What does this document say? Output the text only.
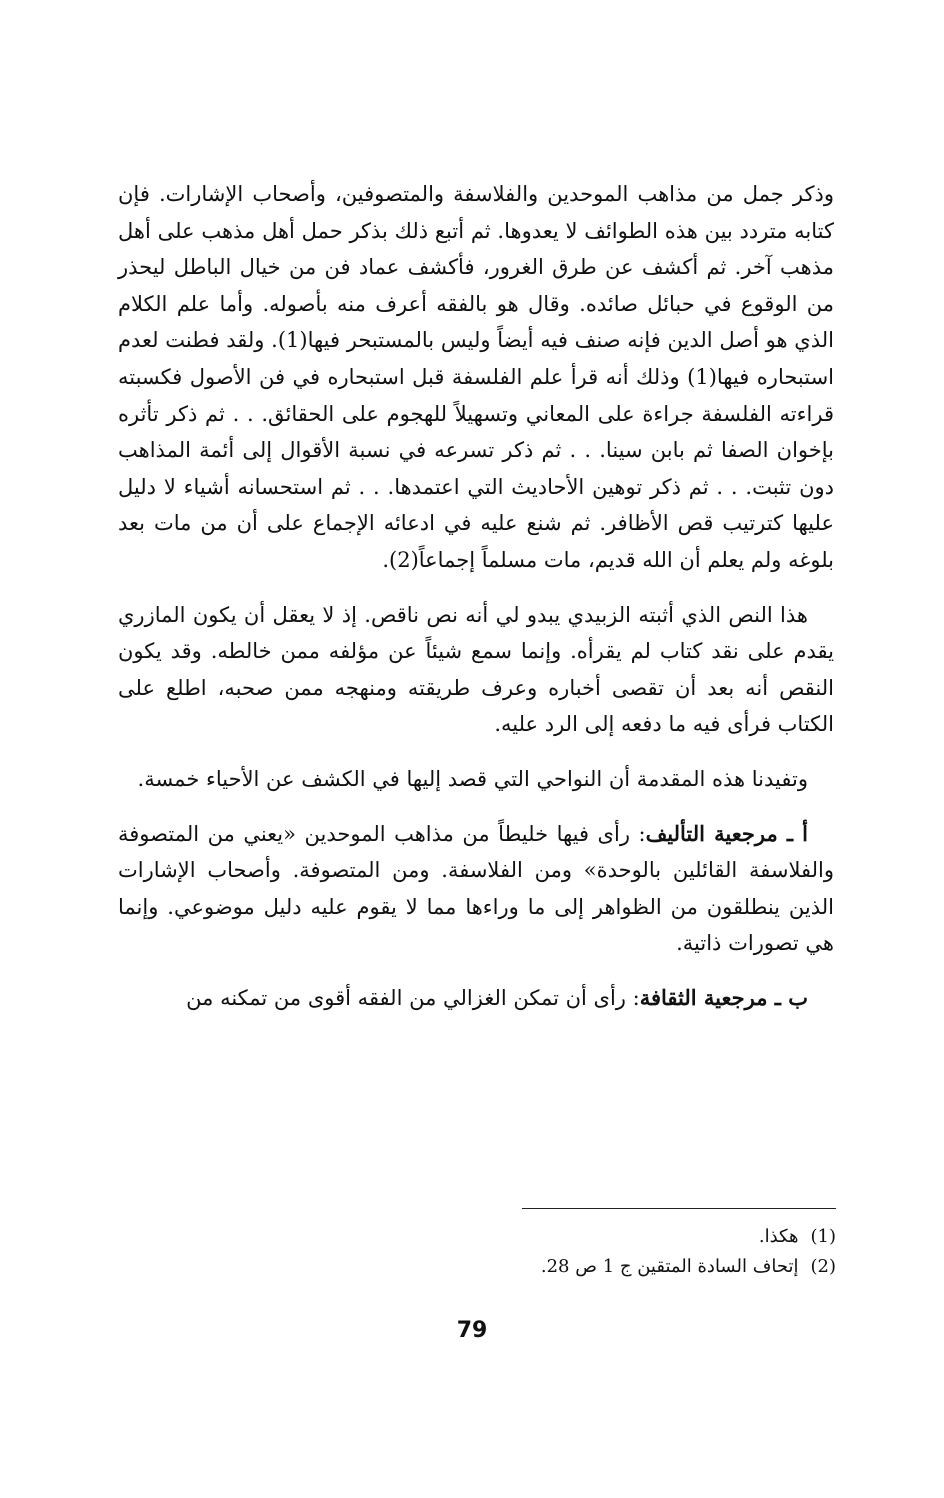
وذكر جمل من مذاهب الموحدين والفلاسفة والمتصوفين، وأصحاب الإشارات. فإن كتابه متردد بين هذه الطوائف لا يعدوها. ثم أتبع ذلك بذكر حمل أهل مذهب على أهل مذهب آخر. ثم أكشف عن طرق الغرور، فأكشف عماد فن من خيال الباطل ليحذر من الوقوع في حبائل صائده. وقال هو بالفقه أعرف منه بأصوله. وأما علم الكلام الذي هو أصل الدين فإنه صنف فيه أيضاً وليس بالمستبحر فيها(1). ولقد فطنت لعدم استبحاره فيها(1) وذلك أنه قرأ علم الفلسفة قبل استبحاره في فن الأصول فكسبته قراءته الفلسفة جراءة على المعاني وتسهيلاً للهجوم على الحقائق. . . ثم ذكر تأثره بإخوان الصفا ثم بابن سينا. . . ثم ذكر تسرعه في نسبة الأقوال إلى أئمة المذاهب دون تثبت. . . ثم ذكر توهين الأحاديث التي اعتمدها. . . ثم استحسانه أشياء لا دليل عليها كترتيب قص الأظافر. ثم شنع عليه في ادعائه الإجماع على أن من مات بعد بلوغه ولم يعلم أن الله قديم، مات مسلماً إجماعاً(2).

هذا النص الذي أثبته الزبيدي يبدو لي أنه نص ناقص. إذ لا يعقل أن يكون المازري يقدم على نقد كتاب لم يقرأه. وإنما سمع شيئاً عن مؤلفه ممن خالطه. وقد يكون النقص أنه بعد أن تقصى أخباره وعرف طريقته ومنهجه ممن صحبه، اطلع على الكتاب فرأى فيه ما دفعه إلى الرد عليه.

وتفيدنا هذه المقدمة أن النواحي التي قصد إليها في الكشف عن الأحياء خمسة.

أ ـ مرجعية التأليف: رأى فيها خليطاً من مذاهب الموحدين «يعني من المتصوفة والفلاسفة القائلين بالوحدة» ومن الفلاسفة. ومن المتصوفة. وأصحاب الإشارات الذين ينطلقون من الظواهر إلى ما وراءها مما لا يقوم عليه دليل موضوعي. وإنما هي تصورات ذاتية.

ب ـ مرجعية الثقافة: رأى أن تمكن الغزالي من الفقه أقوى من تمكنه من

(1)هكذا.

(2)إتحاف السادة المتقين ج 1 ص 28.

79
